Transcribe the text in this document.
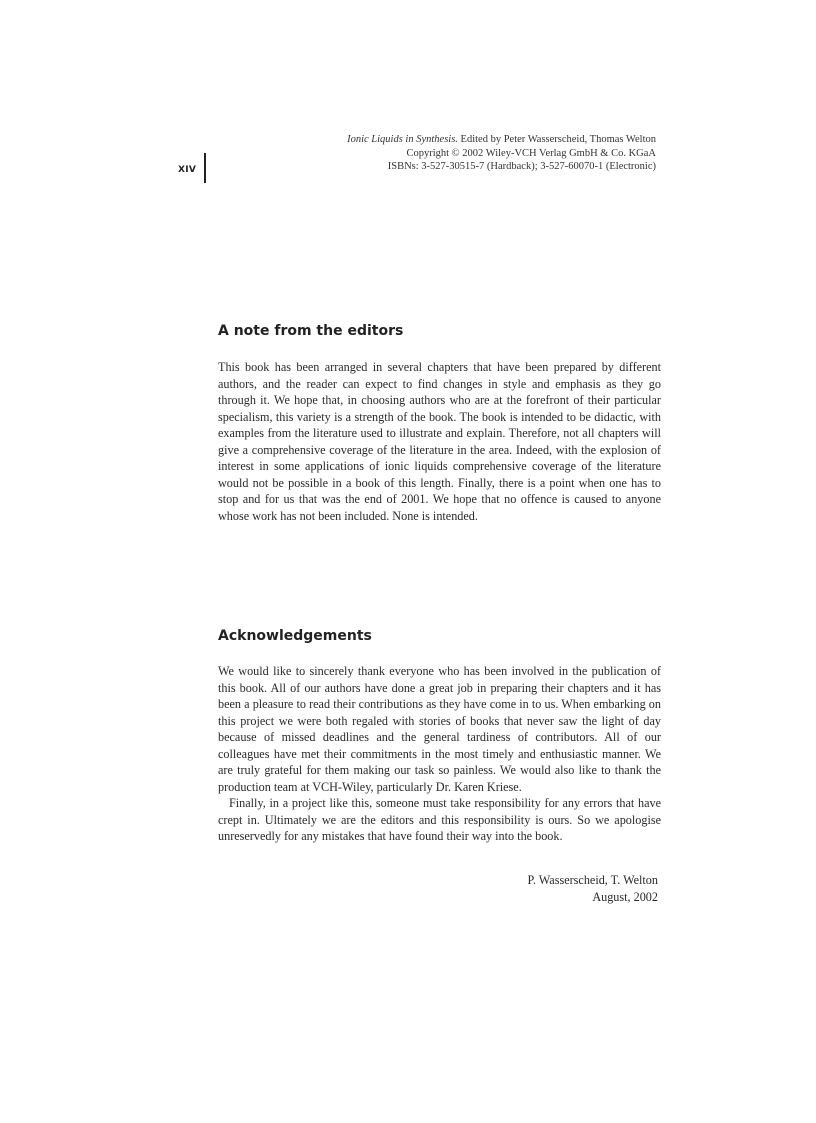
XIV
Ionic Liquids in Synthesis. Edited by Peter Wasserscheid, Thomas Welton
Copyright © 2002 Wiley-VCH Verlag GmbH & Co. KGaA
ISBNs: 3-527-30515-7 (Hardback); 3-527-60070-1 (Electronic)
A note from the editors

This book has been arranged in several chapters that have been prepared by different authors, and the reader can expect to find changes in style and emphasis as they go through it. We hope that, in choosing authors who are at the forefront of their particular specialism, this variety is a strength of the book. The book is intended to be didactic, with examples from the literature used to illustrate and explain. Therefore, not all chapters will give a comprehensive coverage of the literature in the area. Indeed, with the explosion of interest in some applications of ionic liquids comprehensive coverage of the literature would not be possible in a book of this length. Finally, there is a point when one has to stop and for us that was the end of 2001. We hope that no offence is caused to anyone whose work has not been included. None is intended.

Acknowledgements

We would like to sincerely thank everyone who has been involved in the publication of this book. All of our authors have done a great job in preparing their chapters and it has been a pleasure to read their contributions as they have come in to us. When embarking on this project we were both regaled with stories of books that never saw the light of day because of missed deadlines and the general tardiness of contributors. All of our colleagues have met their commitments in the most timely and enthusiastic manner. We are truly grateful for them making our task so painless. We would also like to thank the production team at VCH-Wiley, particularly Dr. Karen Kriese.

Finally, in a project like this, someone must take responsibility for any errors that have crept in. Ultimately we are the editors and this responsibility is ours. So we apologise unreservedly for any mistakes that have found their way into the book.

P. Wasserscheid, T. Welton
August, 2002
